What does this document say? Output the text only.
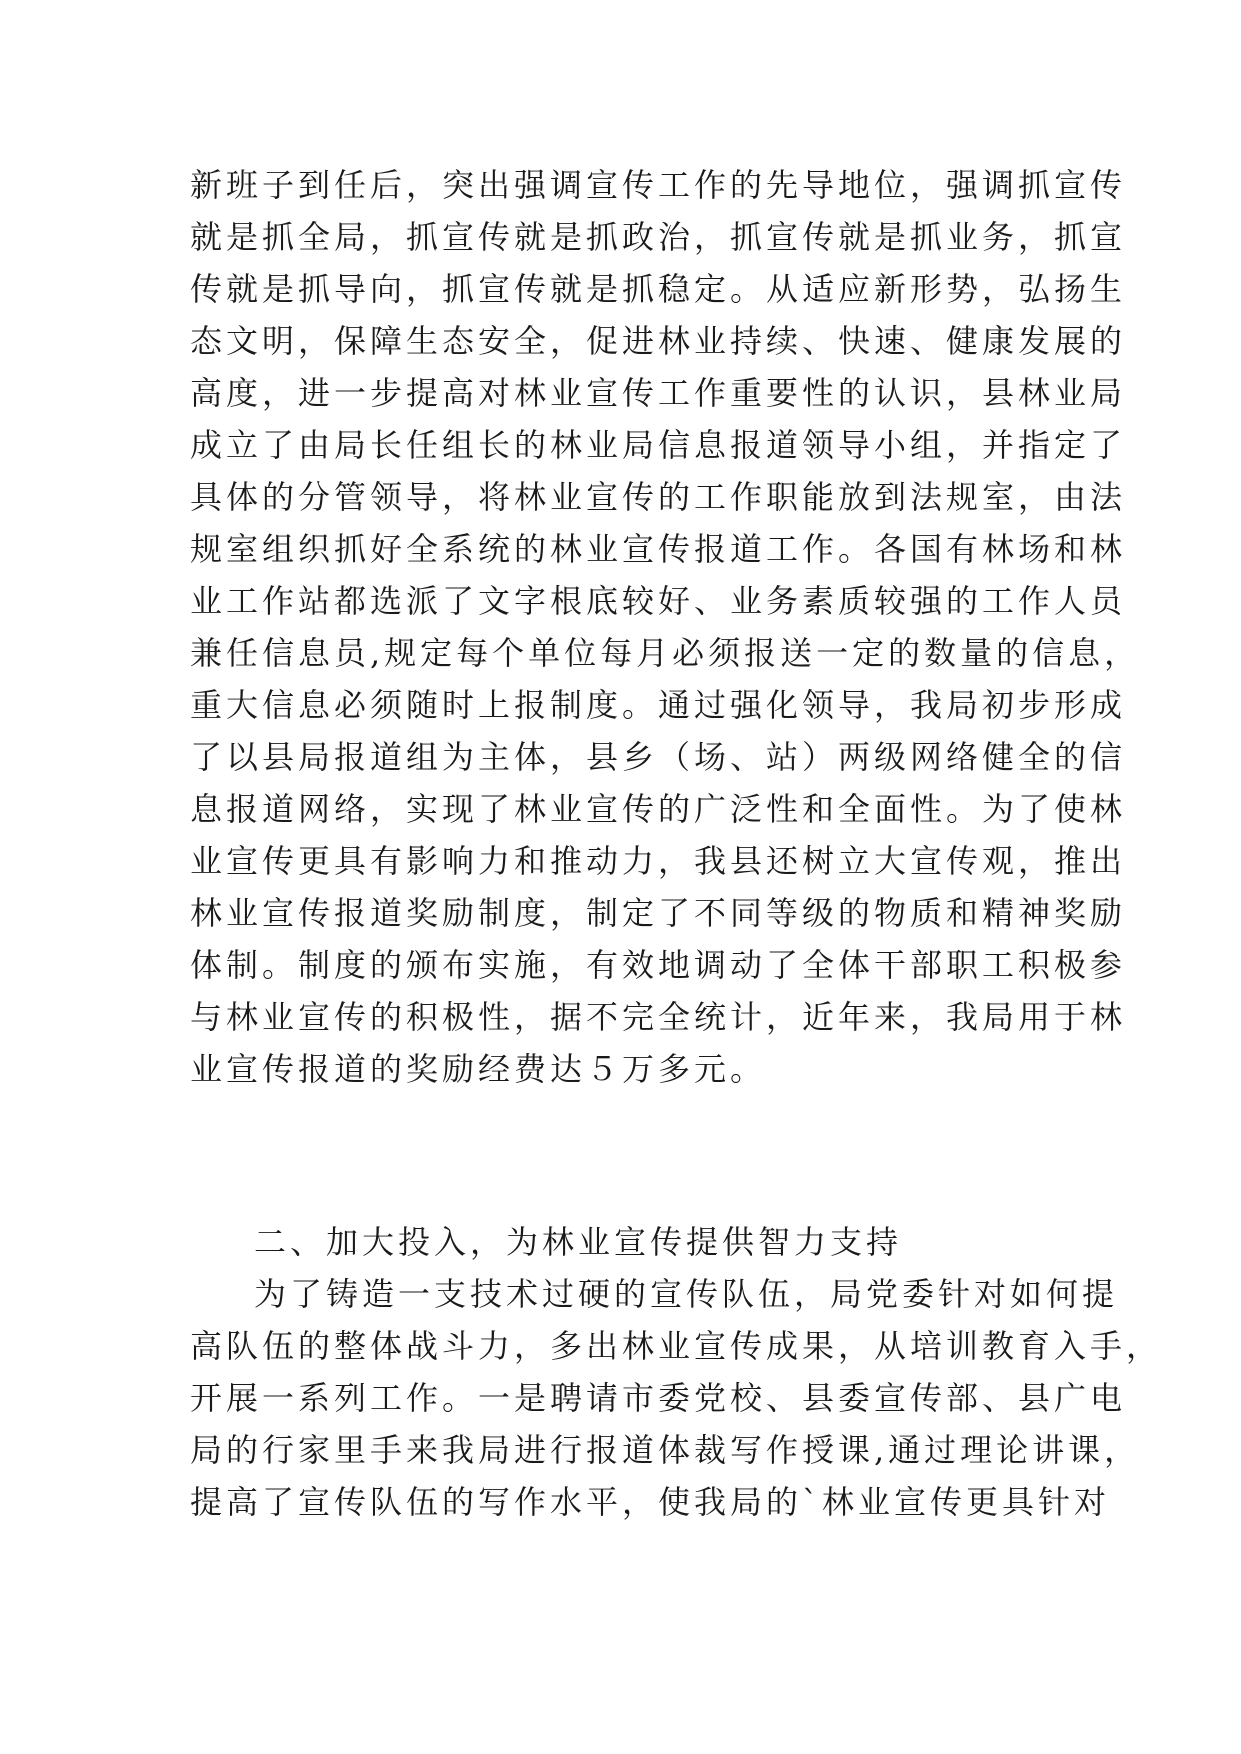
新班子到任后，突出强调宣传工作的先导地位，强调抓宣传
就是抓全局，抓宣传就是抓政治，抓宣传就是抓业务，抓宣
传就是抓导向，抓宣传就是抓稳定。从适应新形势，弘扬生
态文明，保障生态安全，促进林业持续、快速、健康发展的
高度，进一步提高对林业宣传工作重要性的认识，县林业局
成立了由局长任组长的林业局信息报道领导小组，并指定了
具体的分管领导，将林业宣传的工作职能放到法规室，由法
规室组织抓好全系统的林业宣传报道工作。各国有林场和林
业工作站都选派了文字根底较好、业务素质较强的工作人员
兼任信息员,规定每个单位每月必须报送一定的数量的信息，
重大信息必须随时上报制度。通过强化领导，我局初步形成
了以县局报道组为主体，县乡（场、站）两级网络健全的信
息报道网络，实现了林业宣传的广泛性和全面性。为了使林
业宣传更具有影响力和推动力，我县还树立大宣传观，推出
林业宣传报道奖励制度，制定了不同等级的物质和精神奖励
体制。制度的颁布实施，有效地调动了全体干部职工积极参
与林业宣传的积极性，据不完全统计，近年来，我局用于林
业宣传报道的奖励经费达５万多元。
二、加大投入，为林业宣传提供智力支持
为了铸造一支技术过硬的宣传队伍，局党委针对如何提
高队伍的整体战斗力，多出林业宣传成果，从培训教育入手，
开展一系列工作。一是聘请市委党校、县委宣传部、县广电
局的行家里手来我局进行报道体裁写作授课,通过理论讲课，
提高了宣传队伍的写作水平，使我局的`林业宣传更具针对
